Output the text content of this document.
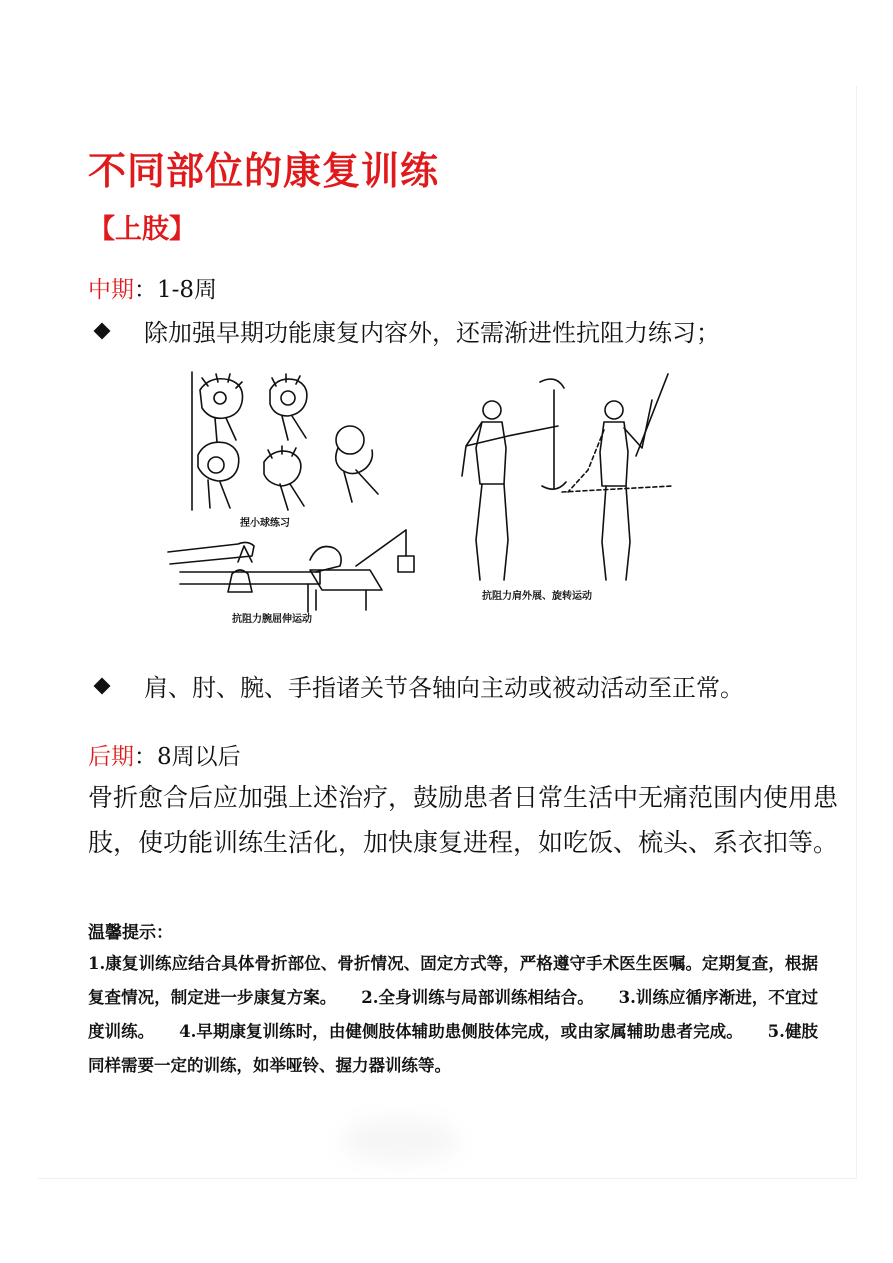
不同部位的康复训练
【上肢】
中期：1-8周
除加强早期功能康复内容外，还需渐进性抗阻力练习；
捏小球练习
抗阻力腕屈伸运动
抗阻力肩外展、旋转运动
肩、肘、腕、手指诸关节各轴向主动或被动活动至正常。
后期：8周以后
骨折愈合后应加强上述治疗，鼓励患者日常生活中无痛范围内使用患肢，使功能训练生活化，加快康复进程，如吃饭、梳头、系衣扣等。
温馨提示：
1.康复训练应结合具体骨折部位、骨折情况、固定方式等，严格遵守手术医生医嘱。定期复查，根据复查情况，制定进一步康复方案。　　2.全身训练与局部训练相结合。　　3.训练应循序渐进，不宜过度训练。　　4.早期康复训练时，由健侧肢体辅助患侧肢体完成，或由家属辅助患者完成。　　5.健肢同样需要一定的训练，如举哑铃、握力器训练等。
